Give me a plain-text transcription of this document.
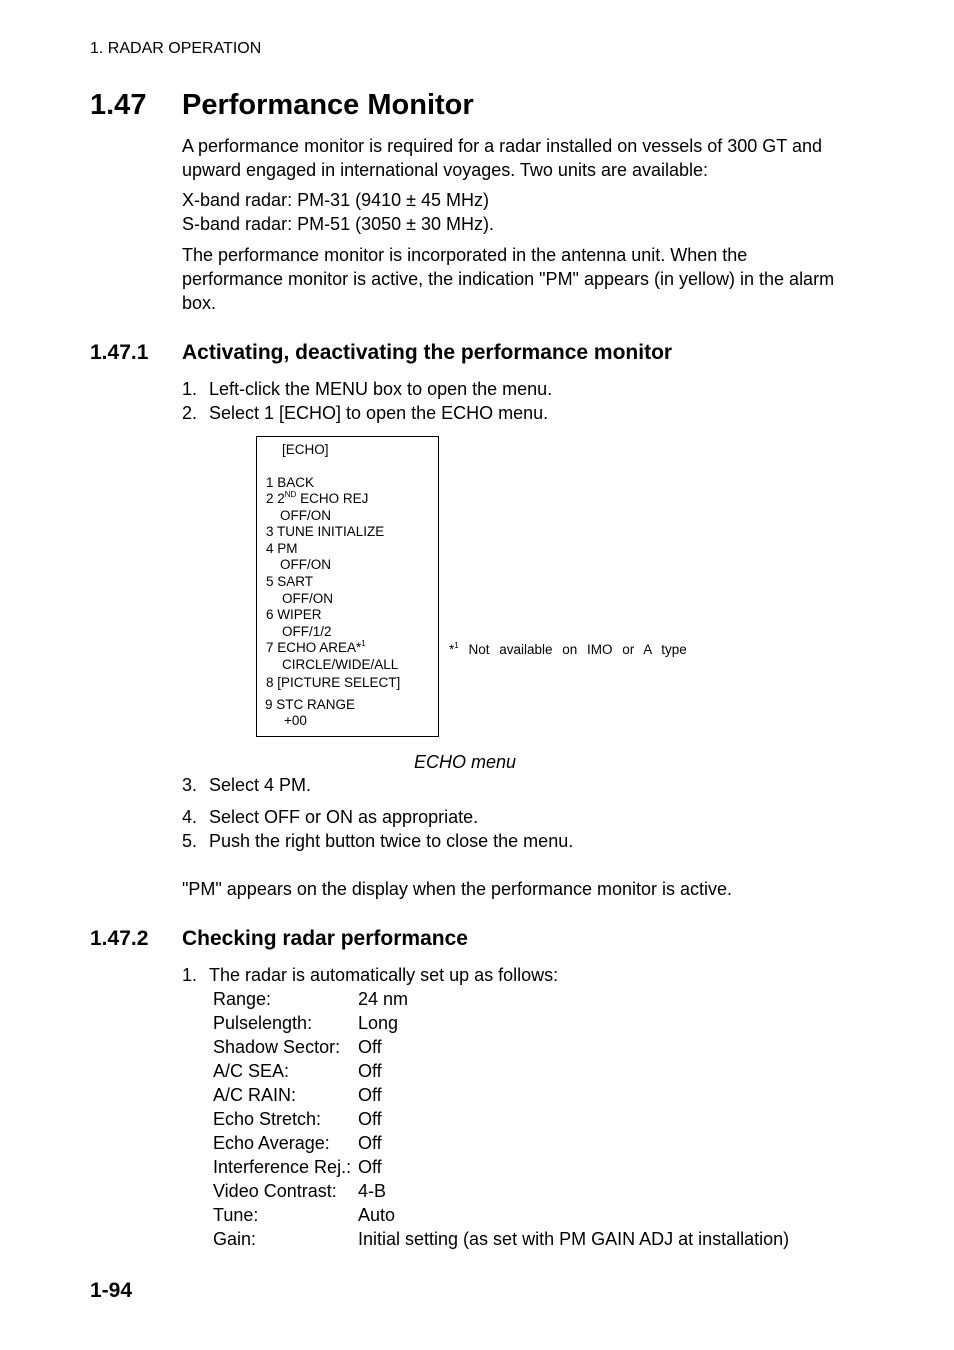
1. RADAR OPERATION
1.47 Performance Monitor
A performance monitor is required for a radar installed on vessels of 300 GT and upward engaged in international voyages. Two units are available:
X-band radar: PM-31 (9410 ± 45 MHz)
S-band radar: PM-51 (3050 ± 30 MHz).
The performance monitor is incorporated in the antenna unit. When the performance monitor is active, the indication "PM" appears (in yellow) in the alarm box.
1.47.1 Activating, deactivating the performance monitor
1. Left-click the MENU box to open the menu.
2. Select 1 [ECHO] to open the ECHO menu.
[ECHO]
1 BACK
2 2ND ECHO REJ
OFF/ON
3 TUNE INITIALIZE
4 PM
OFF/ON
5 SART
OFF/ON
6 WIPER
OFF/1/2
7 ECHO AREA*$^1$
CIRCLE/WIDE/ALL
8 [PICTURE SELECT]
9 STC RANGE
+00
*$^1$ Not available on IMO or A type
ECHO menu
3. Select 4 PM.
4. Select OFF or ON as appropriate.
5. Push the right button twice to close the menu.
"PM" appears on the display when the performance monitor is active.
1.47.2 Checking radar performance
1. The radar is automatically set up as follows:
Range:	24 nm
Pulselength:	Long
Shadow Sector: Off
A/C SEA:	Off
A/C RAIN:	Off
Echo Stretch: Off
Echo Average: Off
Interference Rej.: Off
Video Contrast: 4-B
Tune:	Auto
Gain:	Initial setting (as set with PM GAIN ADJ at installation)
1-94
